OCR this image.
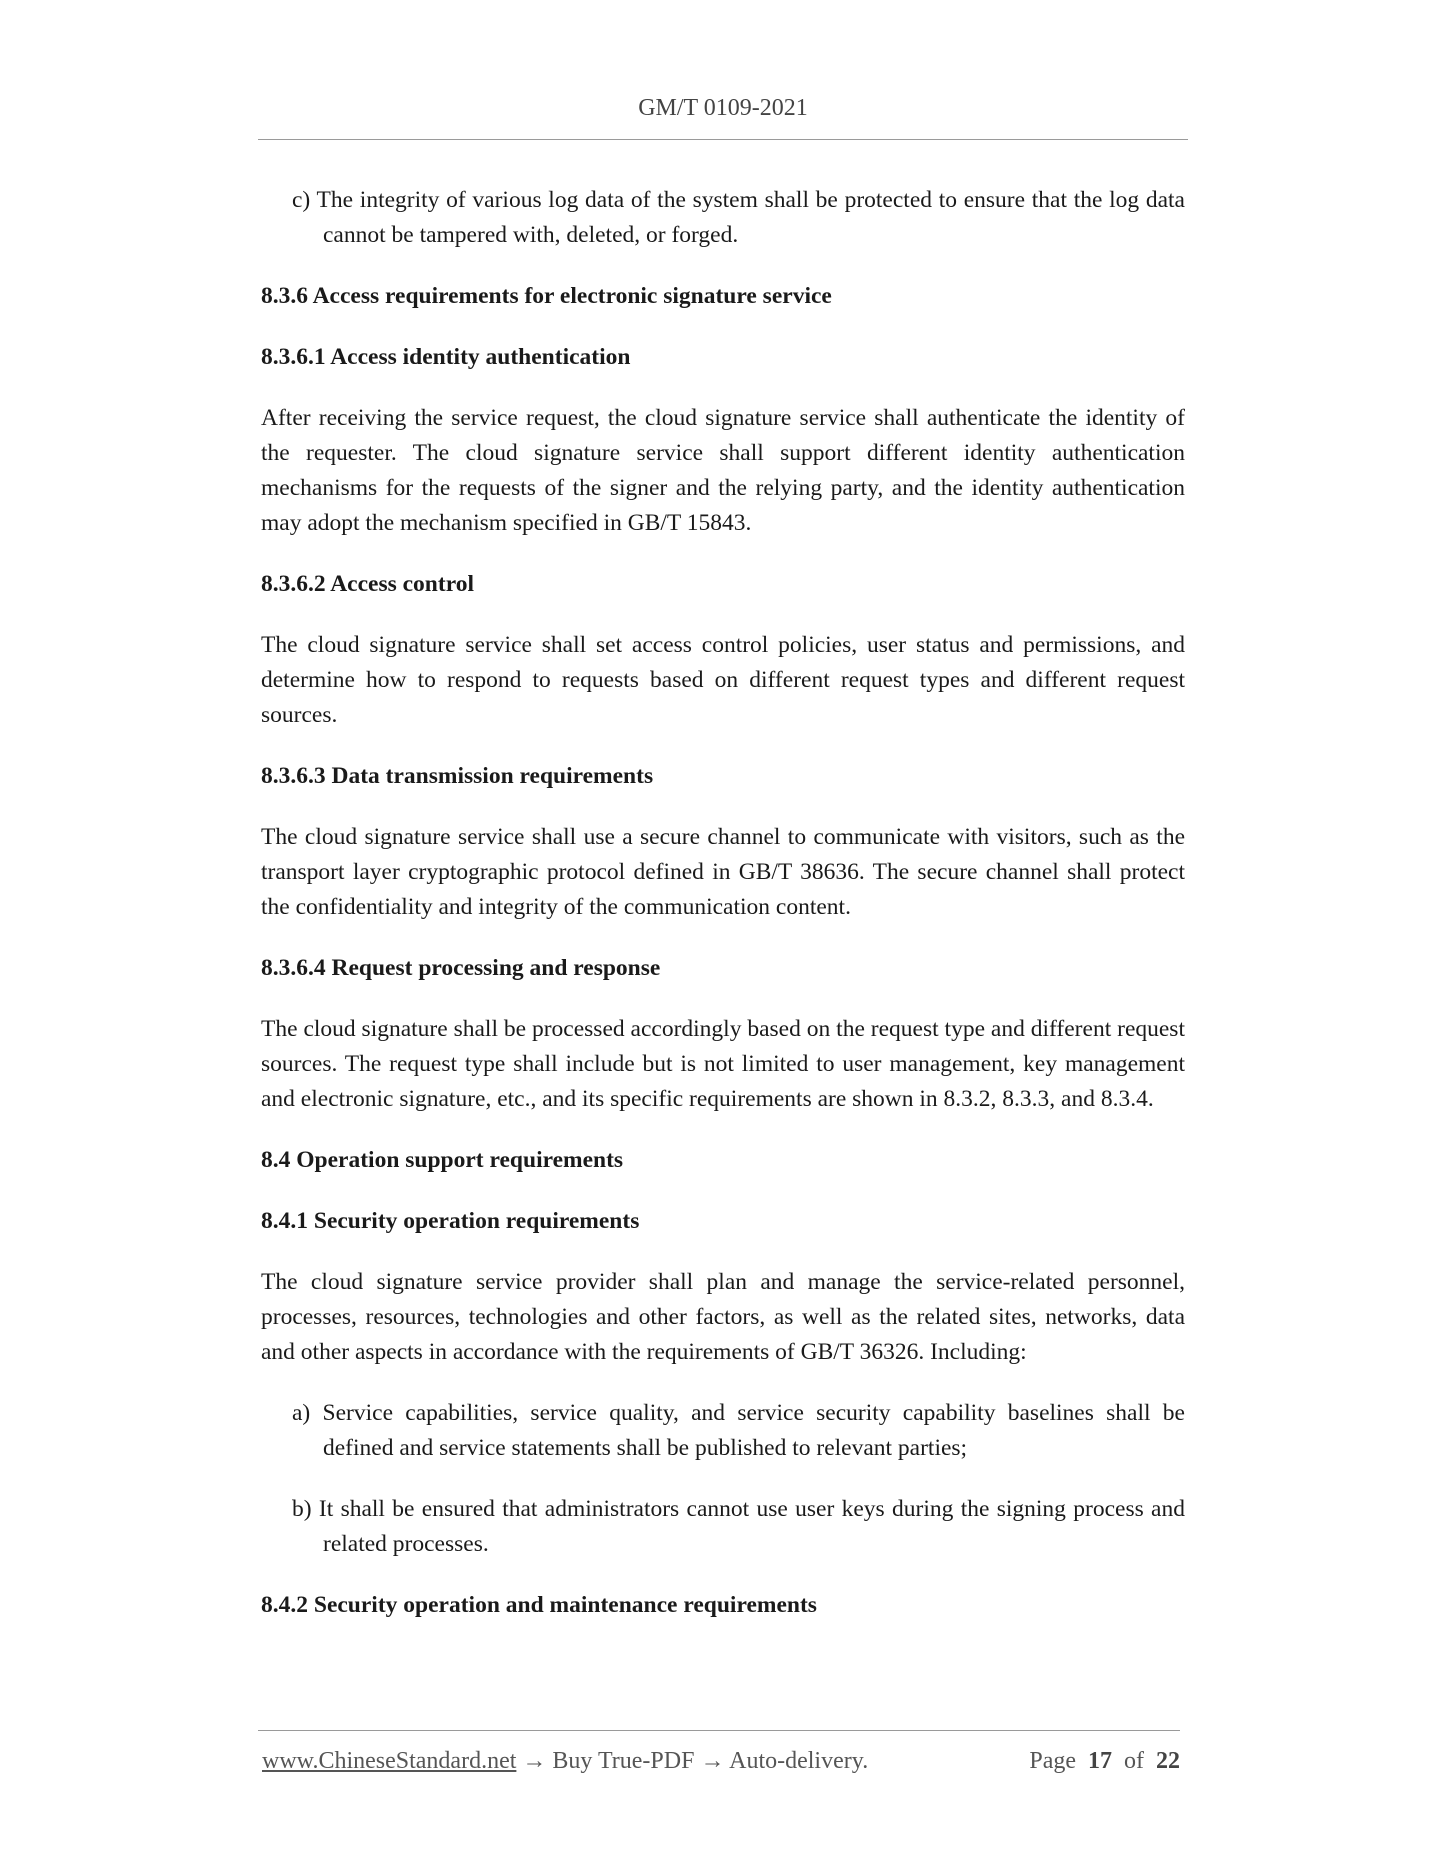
GM/T 0109-2021

c) The integrity of various log data of the system shall be protected to ensure that the log data cannot be tampered with, deleted, or forged.

8.3.6 Access requirements for electronic signature service

8.3.6.1 Access identity authentication

After receiving the service request, the cloud signature service shall authenticate the identity of the requester. The cloud signature service shall support different identity authentication mechanisms for the requests of the signer and the relying party, and the identity authentication may adopt the mechanism specified in GB/T 15843.

8.3.6.2 Access control

The cloud signature service shall set access control policies, user status and permissions, and determine how to respond to requests based on different request types and different request sources.

8.3.6.3 Data transmission requirements

The cloud signature service shall use a secure channel to communicate with visitors, such as the transport layer cryptographic protocol defined in GB/T 38636. The secure channel shall protect the confidentiality and integrity of the communication content.

8.3.6.4 Request processing and response

The cloud signature shall be processed accordingly based on the request type and different request sources. The request type shall include but is not limited to user management, key management and electronic signature, etc., and its specific requirements are shown in 8.3.2, 8.3.3, and 8.3.4.

8.4 Operation support requirements

8.4.1 Security operation requirements

The cloud signature service provider shall plan and manage the service-related personnel, processes, resources, technologies and other factors, as well as the related sites, networks, data and other aspects in accordance with the requirements of GB/T 36326. Including:

a) Service capabilities, service quality, and service security capability baselines shall be defined and service statements shall be published to relevant parties;

b) It shall be ensured that administrators cannot use user keys during the signing process and related processes.

8.4.2 Security operation and maintenance requirements

www.ChineseStandard.net → Buy True-PDF → Auto-delivery.	Page 17 of 22
